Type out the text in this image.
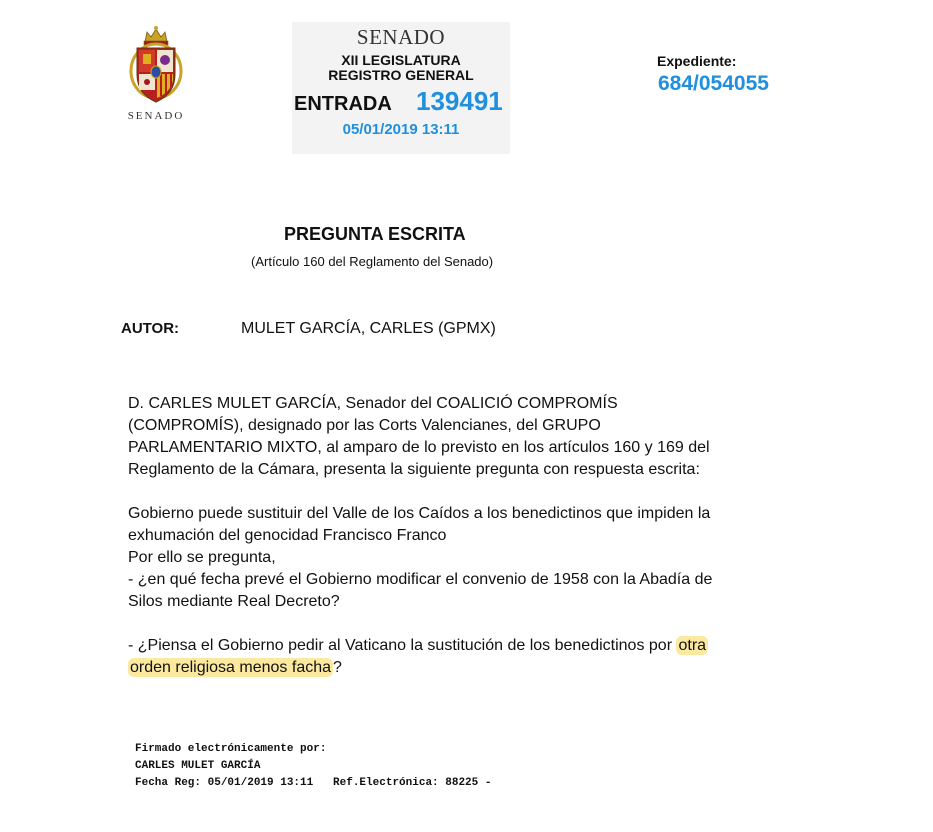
SENADO
SENADO
XII LEGISLATURA
REGISTRO GENERAL
ENTRADA 139491
05/01/2019 13:11
Expediente:
684/054055
PREGUNTA ESCRITA
(Artículo 160 del Reglamento del Senado)
AUTOR:	MULET GARCÍA, CARLES (GPMX)

D. CARLES MULET GARCÍA, Senador del COALICIÓ COMPROMÍS
(COMPROMÍS), designado por las Corts Valencianes, del GRUPO
PARLAMENTARIO MIXTO, al amparo de lo previsto en los artículos 160 y 169 del
Reglamento de la Cámara, presenta la siguiente pregunta con respuesta escrita:

Gobierno puede sustituir del Valle de los Caídos a los benedictinos que impiden la
exhumación del genocidad Francisco Franco
Por ello se pregunta,
- ¿en qué fecha prevé el Gobierno modificar el convenio de 1958 con la Abadía de
Silos mediante Real Decreto?

- ¿Piensa el Gobierno pedir al Vaticano la sustitución de los benedictinos por otra
orden religiosa menos facha ?

Firmado electrónicamente por:
CARLES MULET GARCÍA
Fecha Reg: 05/01/2019 13:11   Ref.Electrónica: 88225 -
